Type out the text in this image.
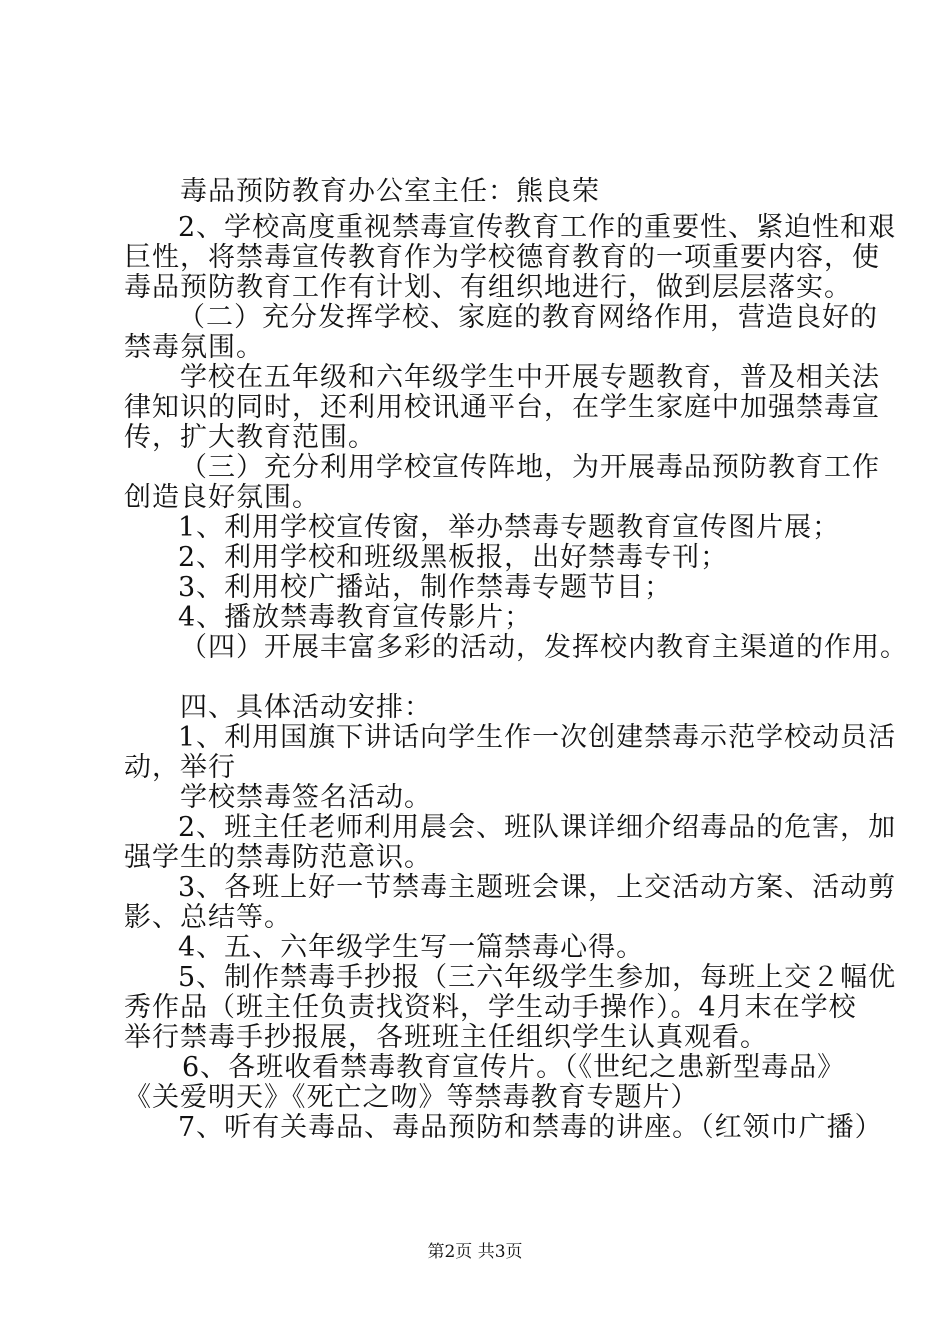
毒品预防教育办公室主任：熊良荣
2、学校高度重视禁毒宣传教育工作的重要性、紧迫性和艰
巨性，将禁毒宣传教育作为学校德育教育的一项重要内容，使
毒品预防教育工作有计划、有组织地进行，做到层层落实。
（二）充分发挥学校、家庭的教育网络作用，营造良好的
禁毒氛围。
学校在五年级和六年级学生中开展专题教育，普及相关法
律知识的同时，还利用校讯通平台，在学生家庭中加强禁毒宣
传，扩大教育范围。
（三）充分利用学校宣传阵地，为开展毒品预防教育工作
创造良好氛围。
1、利用学校宣传窗，举办禁毒专题教育宣传图片展；
2、利用学校和班级黑板报，出好禁毒专刊；
3、利用校广播站，制作禁毒专题节目；
4、播放禁毒教育宣传影片；
（四）开展丰富多彩的活动，发挥校内教育主渠道的作用。
四、具体活动安排：
1、利用国旗下讲话向学生作一次创建禁毒示范学校动员活
动，举行
学校禁毒签名活动。
2、班主任老师利用晨会、班队课详细介绍毒品的危害，加
强学生的禁毒防范意识。
3、各班上好一节禁毒主题班会课，上交活动方案、活动剪
影、总结等。
4、五、六年级学生写一篇禁毒心得。
5、制作禁毒手抄报（三六年级学生参加，每班上交２幅优
秀作品（班主任负责找资料，学生动手操作）。4月末在学校
举行禁毒手抄报展，各班班主任组织学生认真观看。
6、各班收看禁毒教育宣传片。（《世纪之患新型毒品》
《关爱明天》《死亡之吻》等禁毒教育专题片）
7、听有关毒品、毒品预防和禁毒的讲座。（红领巾广播）
第2页 共3页
